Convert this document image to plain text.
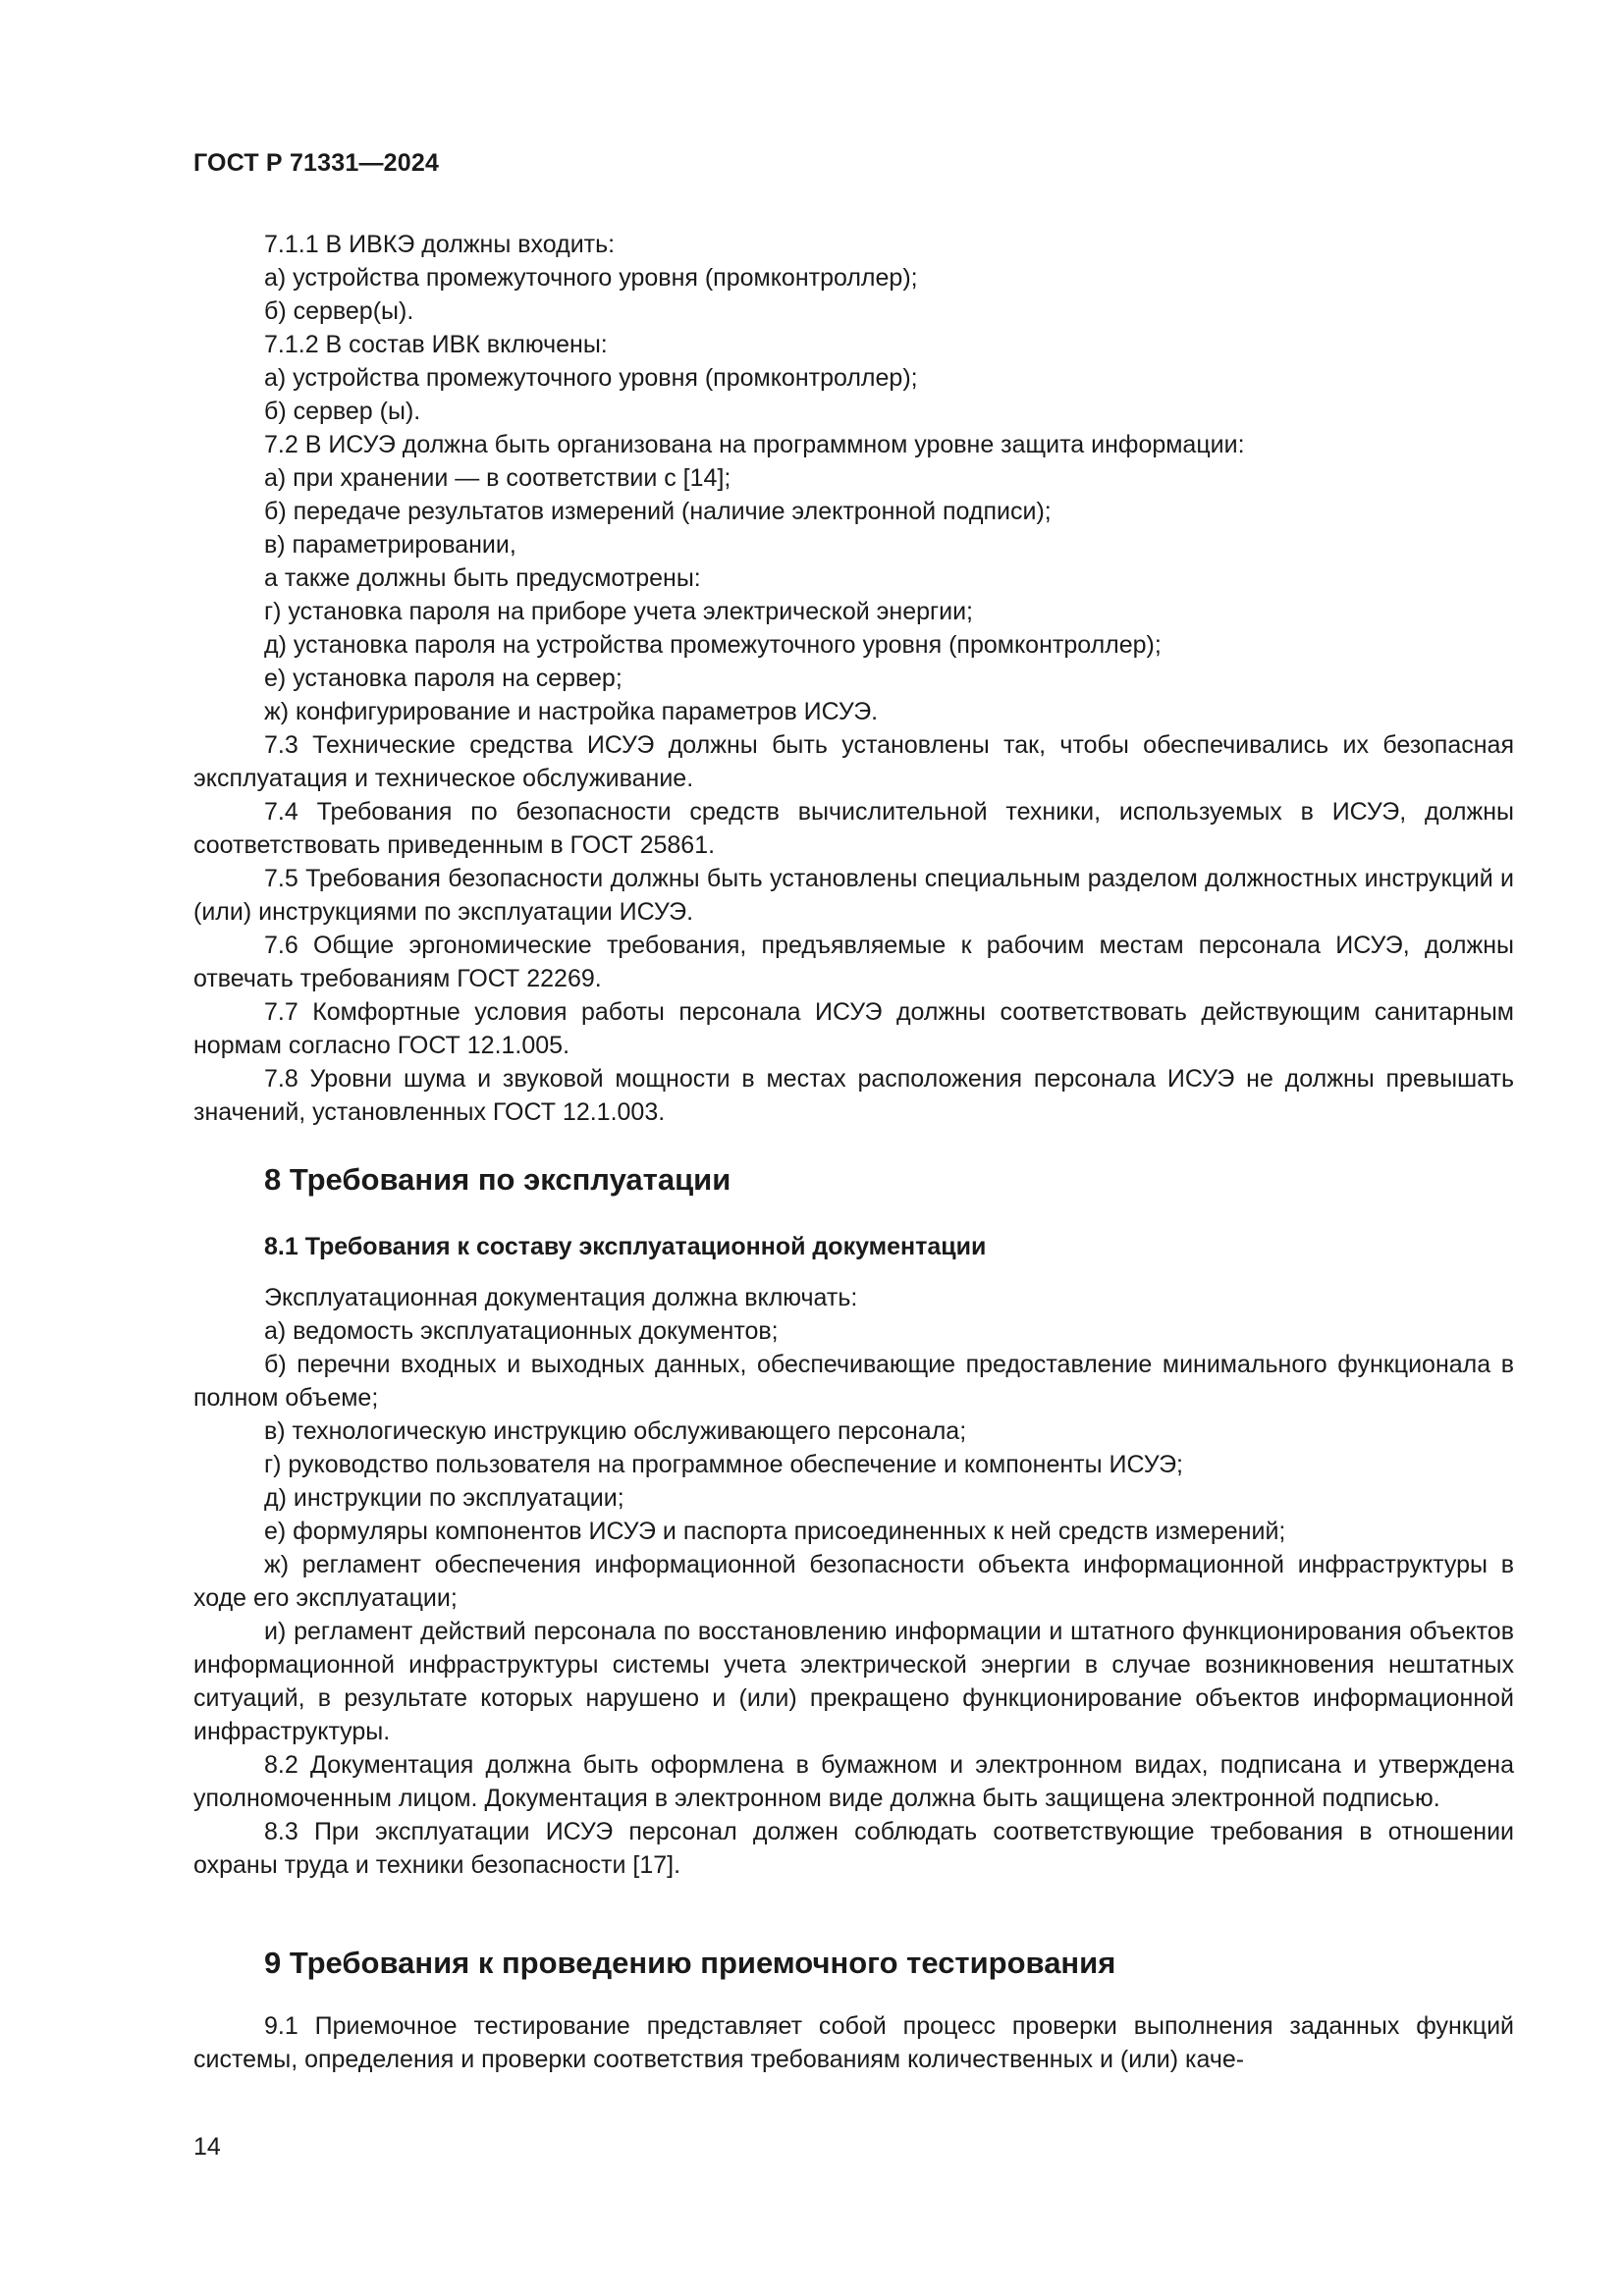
ГОСТ Р 71331—2024

7.1.1 В ИВКЭ должны входить:

а) устройства промежуточного уровня (промконтроллер);

б) сервер(ы).

7.1.2 В состав ИВК включены:

а) устройства промежуточного уровня (промконтроллер);

б) сервер (ы).

7.2 В ИСУЭ должна быть организована на программном уровне защита информации:

а) при хранении — в соответствии с [14];

б) передаче результатов измерений (наличие электронной подписи);

в) параметрировании,

а также должны быть предусмотрены:

г) установка пароля на приборе учета электрической энергии;

д) установка пароля на устройства промежуточного уровня (промконтроллер);

е) установка пароля на сервер;

ж) конфигурирование и настройка параметров ИСУЭ.

7.3 Технические средства ИСУЭ должны быть установлены так, чтобы обеспечивались их безопасная эксплуатация и техническое обслуживание.

7.4 Требования по безопасности средств вычислительной техники, используемых в ИСУЭ, должны соответствовать приведенным в ГОСТ 25861.

7.5 Требования безопасности должны быть установлены специальным разделом должностных инструкций и (или) инструкциями по эксплуатации ИСУЭ.

7.6 Общие эргономические требования, предъявляемые к рабочим местам персонала ИСУЭ, должны отвечать требованиям ГОСТ 22269.

7.7 Комфортные условия работы персонала ИСУЭ должны соответствовать действующим санитарным нормам согласно ГОСТ 12.1.005.

7.8 Уровни шума и звуковой мощности в местах расположения персонала ИСУЭ не должны превышать значений, установленных ГОСТ 12.1.003.

8 Требования по эксплуатации

8.1 Требования к составу эксплуатационной документации

Эксплуатационная документация должна включать:

а) ведомость эксплуатационных документов;

б) перечни входных и выходных данных, обеспечивающие предоставление минимального функционала в полном объеме;

в) технологическую инструкцию обслуживающего персонала;

г) руководство пользователя на программное обеспечение и компоненты ИСУЭ;

д) инструкции по эксплуатации;

е) формуляры компонентов ИСУЭ и паспорта присоединенных к ней средств измерений;

ж) регламент обеспечения информационной безопасности объекта информационной инфраструктуры в ходе его эксплуатации;

и) регламент действий персонала по восстановлению информации и штатного функционирования объектов информационной инфраструктуры системы учета электрической энергии в случае возникновения нештатных ситуаций, в результате которых нарушено и (или) прекращено функционирование объектов информационной инфраструктуры.

8.2 Документация должна быть оформлена в бумажном и электронном видах, подписана и утверждена уполномоченным лицом. Документация в электронном виде должна быть защищена электронной подписью.

8.3 При эксплуатации ИСУЭ персонал должен соблюдать соответствующие требования в отношении охраны труда и техники безопасности [17].

9 Требования к проведению приемочного тестирования

9.1 Приемочное тестирование представляет собой процесс проверки выполнения заданных функций системы, определения и проверки соответствия требованиям количественных и (или) каче-

14
